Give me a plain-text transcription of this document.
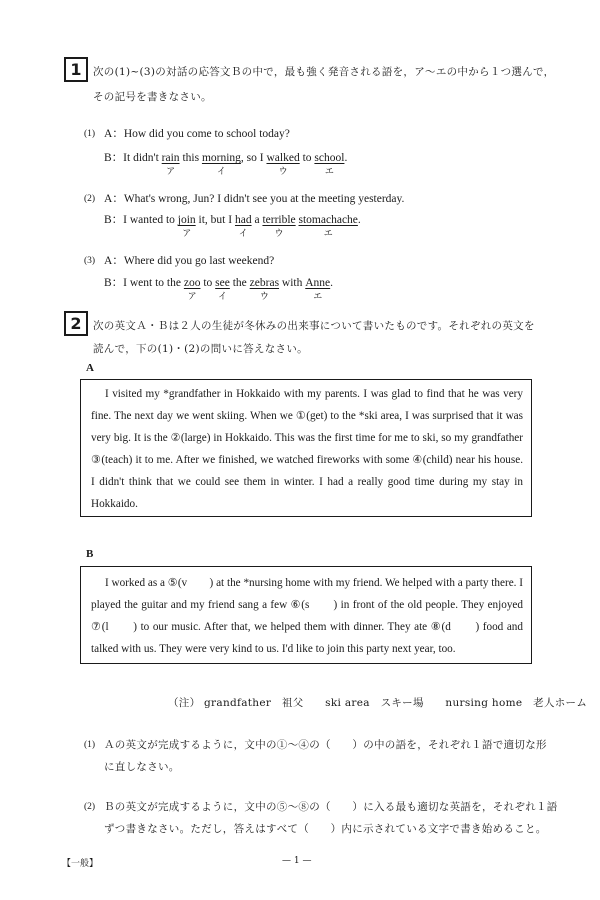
1	次の(1)~(3)の対話の応答文Ｂの中で，最も強く発音される語を，ア～エの中から１つ選んで，
その記号を書きなさい。
(1) A：How did you come to school today?
B：It didn't rain
ア
this morning
イ
, so I walked
ウ
to school
エ
.
(2) A：What's wrong, Jun? I didn't see you at the meeting yesterday.
B：I wanted to join
ア
it, but I had
イ
a terrible
ウ
stomachache
エ
.
(3) A：Where did you go last weekend?
B：I went to the zoo
ア
to see
イ
the zebras
ウ
with Anne
エ
.
2	次の英文Ａ・Ｂは２人の生徒が冬休みの出来事について書いたものです。それぞれの英文を
読んで，下の(1)・(2)の問いに答えなさい。
A

I visited my *grandfather in Hokkaido with my parents. I was glad to find that he was very fine. The next day we went skiing. When we ①(get) to the *ski area, I was surprised that it was very big. It is the ②(large) in Hokkaido. This was the first time for me to ski, so my grandfather ③(teach) it to me. After we finished, we watched fireworks with some ④(child) near his house. I didn't think that we could see them in winter. I had a really good time during my stay in Hokkaido.

B

I worked as a ⑤(v　　) at the *nursing home with my friend. We helped with a party there. I played the guitar and my friend sang a few ⑥(s　　) in front of the old people. They enjoyed ⑦(l　　) to our music. After that, we helped them with dinner. They ate ⑧(d　　) food and talked with us. They were very kind to us. I'd like to join this party next year, too.

（注） grandfather　祖父　　ski area　スキー場　　nursing home　老人ホーム
(1) Ａの英文が完成するように，文中の①～④の（　　）の中の語を，それぞれ１語で適切な形
に直しなさい。
(2) Ｂの英文が完成するように，文中の⑤～⑧の（　　）に入る最も適切な英語を，それぞれ１語
ずつ書きなさい。ただし，答えはすべて（　　）内に示されている文字で書き始めること。
【一般】	— 1 —
